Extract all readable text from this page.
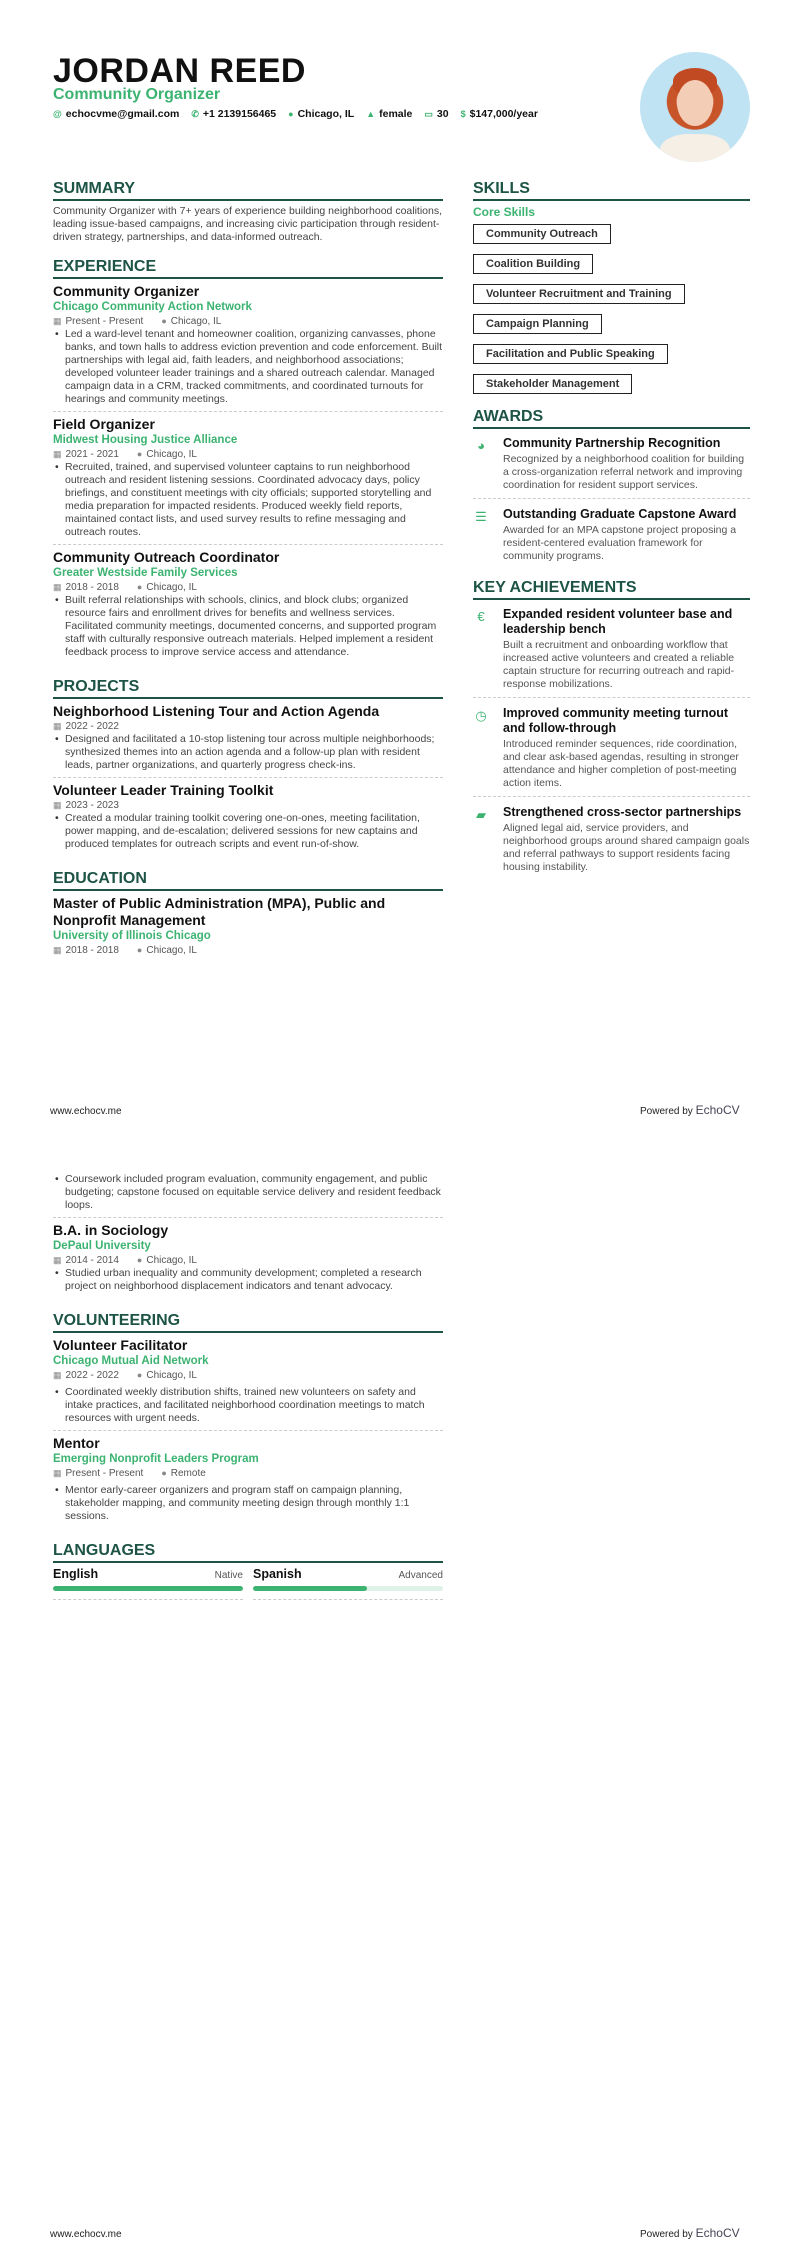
JORDAN REED
Community Organizer
@ echocvme@gmail.com ✆ +1 2139156465 ● Chicago, IL ▲ female ▭ 30 $ $147,000/year
SUMMARY
Community Organizer with 7+ years of experience building neighborhood coalitions, leading issue-based campaigns, and increasing civic participation through resident-driven strategy, partnerships, and data-informed outreach.
EXPERIENCE
Community Organizer
Chicago Community Action Network
▦ Present - Present ● Chicago, IL
• Led a ward-level tenant and homeowner coalition, organizing canvasses, phone banks, and town halls to address eviction prevention and code enforcement. Built partnerships with legal aid, faith leaders, and neighborhood associations; developed volunteer leader trainings and a shared outreach calendar. Managed campaign data in a CRM, tracked commitments, and coordinated turnouts for hearings and community meetings.
Field Organizer
Midwest Housing Justice Alliance
▦ 2021 - 2021 ● Chicago, IL
• Recruited, trained, and supervised volunteer captains to run neighborhood outreach and resident listening sessions. Coordinated advocacy days, policy briefings, and constituent meetings with city officials; supported storytelling and media preparation for impacted residents. Produced weekly field reports, maintained contact lists, and used survey results to refine messaging and outreach routes.
Community Outreach Coordinator
Greater Westside Family Services
▦ 2018 - 2018 ● Chicago, IL
• Built referral relationships with schools, clinics, and block clubs; organized resource fairs and enrollment drives for benefits and wellness services. Facilitated community meetings, documented concerns, and supported program staff with culturally responsive outreach materials. Helped implement a resident feedback process to improve service access and attendance.
PROJECTS
Neighborhood Listening Tour and Action Agenda
▦ 2022 - 2022
• Designed and facilitated a 10-stop listening tour across multiple neighborhoods; synthesized themes into an action agenda and a follow-up plan with resident leads, partner organizations, and quarterly progress check-ins.
Volunteer Leader Training Toolkit
▦ 2023 - 2023
• Created a modular training toolkit covering one-on-ones, meeting facilitation, power mapping, and de-escalation; delivered sessions for new captains and produced templates for outreach scripts and event run-of-show.
EDUCATION
Master of Public Administration (MPA), Public and Nonprofit Management
University of Illinois Chicago
▦ 2018 - 2018 ● Chicago, IL
SKILLS
Core Skills
Community Outreach
Coalition Building
Volunteer Recruitment and Training
Campaign Planning
Facilitation and Public Speaking
Stakeholder Management
AWARDS
◕	Community Partnership Recognition
Recognized by a neighborhood coalition for building a cross-organization referral network and improving coordination for resident support services.
☰ Outstanding Graduate Capstone Award
Awarded for an MPA capstone project proposing a resident-centered evaluation framework for community programs.
KEY ACHIEVEMENTS
€	Expanded resident volunteer base and leadership bench
Built a recruitment and onboarding workflow that increased active volunteers and created a reliable captain structure for recurring outreach and rapid-response mobilizations.
◷ Improved community meeting turnout and follow-through
Introduced reminder sequences, ride coordination, and clear ask-based agendas, resulting in stronger attendance and higher completion of post-meeting action items.
▰ Strengthened cross-sector partnerships
Aligned legal aid, service providers, and neighborhood groups around shared campaign goals and referral pathways to support residents facing housing instability.
www.echocv.me	Powered by EchoCV
• Coursework included program evaluation, community engagement, and public budgeting; capstone focused on equitable service delivery and resident feedback loops.
B.A. in Sociology
DePaul University
▦ 2014 - 2014 ● Chicago, IL
• Studied urban inequality and community development; completed a research project on neighborhood displacement indicators and tenant advocacy.
VOLUNTEERING
Volunteer Facilitator
Chicago Mutual Aid Network
▦ 2022 - 2022 ● Chicago, IL
• Coordinated weekly distribution shifts, trained new volunteers on safety and intake practices, and facilitated neighborhood coordination meetings to match resources with urgent needs.
Mentor
Emerging Nonprofit Leaders Program
▦ Present - Present ● Remote
• Mentor early-career organizers and program staff on campaign planning, stakeholder mapping, and community meeting design through monthly 1:1 sessions.
LANGUAGES
English	Native Spanish	Advanced
www.echocv.me	Powered by EchoCV
